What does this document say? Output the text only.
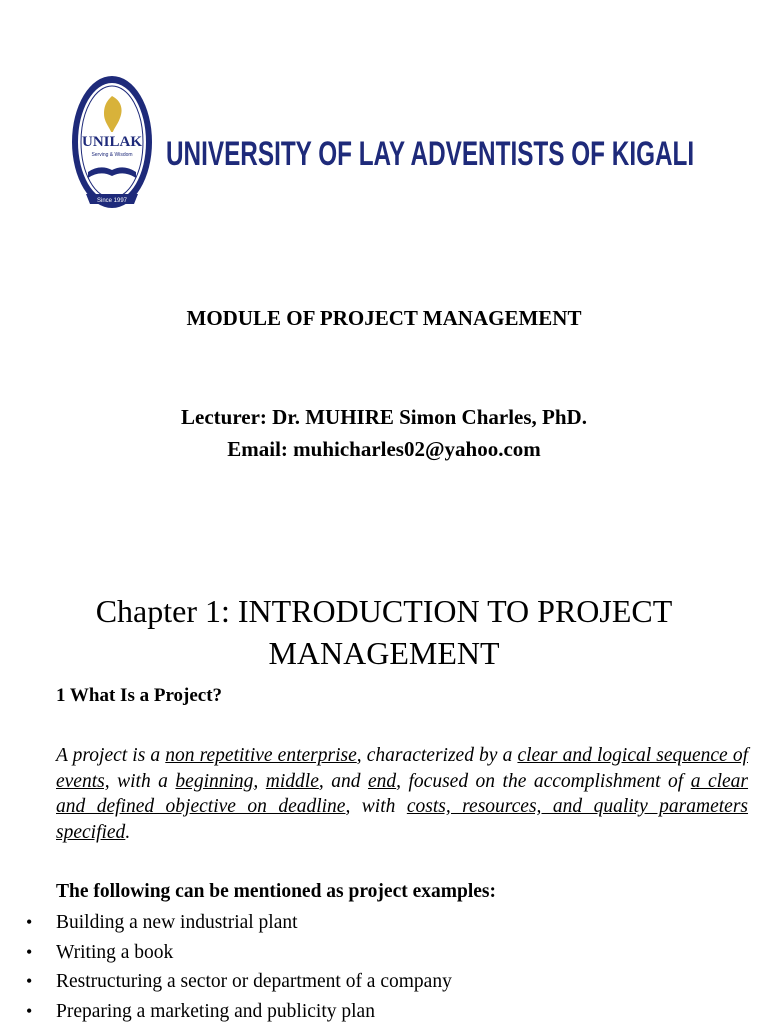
UNILAK
Serving & Wisdom
Since 1997
UNIVERSITY OF LAY ADVENTISTS OF KIGALI
MODULE OF PROJECT MANAGEMENT
Lecturer: Dr. MUHIRE Simon Charles, PhD.
Email: muhicharles02@yahoo.com
Chapter 1: INTRODUCTION TO PROJECT MANAGEMENT
1 What Is a Project?

A project is a non repetitive enterprise, characterized by a clear and logical sequence of events, with a beginning, middle, and end, focused on the accomplishment of a clear and defined objective on deadline, with costs, resources, and quality parameters specified.

The following can be mentioned as project examples:
• Building a new industrial plant
• Writing a book
• Restructuring a sector or department of a company
• Preparing a marketing and publicity plan
